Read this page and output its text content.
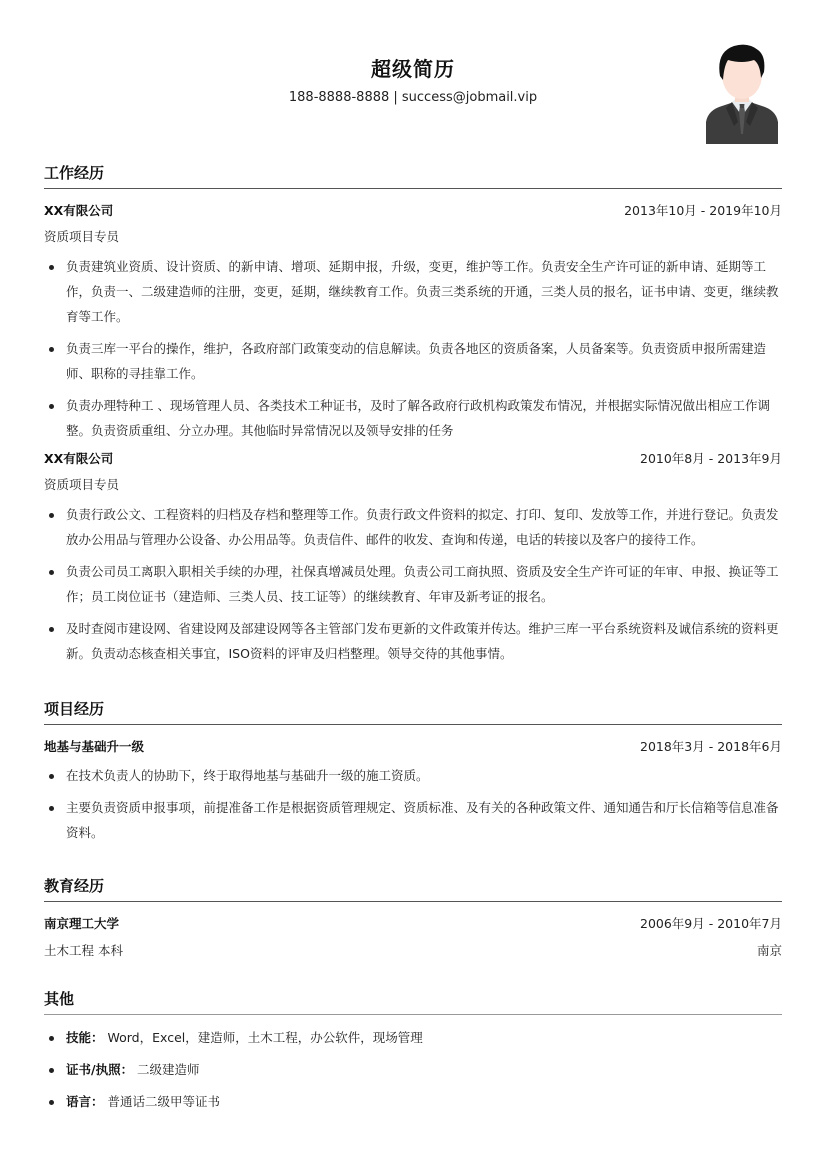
超级简历
188-8888-8888 | success@jobmail.vip
工作经历
XX有限公司	2013年10月 - 2019年10月
资质项目专员
负责建筑业资质、设计资质、的新申请、增项、延期申报，升级，变更，维护等工作。负责安全生产许可证的新申请、延期等工作，负责一、二级建造师的注册，变更，延期，继续教育工作。负责三类系统的开通，三类人员的报名，证书申请、变更，继续教育等工作。
负责三库一平台的操作，维护，各政府部门政策变动的信息解读。负责各地区的资质备案，人员备案等。负责资质申报所需建造师、职称的寻挂靠工作。
负责办理特种工 、现场管理人员、各类技术工种证书，及时了解各政府行政机构政策发布情况，并根据实际情况做出相应工作调整。负责资质重组、分立办理。其他临时异常情况以及领导安排的任务
XX有限公司	2010年8月 - 2013年9月
资质项目专员
负责行政公文、工程资料的归档及存档和整理等工作。负责行政文件资料的拟定、打印、复印、发放等工作，并进行登记。负责发放办公用品与管理办公设备、办公用品等。负责信件、邮件的收发、查询和传递，电话的转接以及客户的接待工作。
负责公司员工离职入职相关手续的办理，社保真增减员处理。负责公司工商执照、资质及安全生产许可证的年审、申报、换证等工作；员工岗位证书（建造师、三类人员、技工证等）的继续教育、年审及新考证的报名。
及时查阅市建设网、省建设网及部建设网等各主管部门发布更新的文件政策并传达。维护三库一平台系统资料及诚信系统的资料更新。负责动态核查相关事宜，ISO资料的评审及归档整理。领导交待的其他事情。
项目经历
地基与基础升一级	2018年3月 - 2018年6月
在技术负责人的协助下，终于取得地基与基础升一级的施工资质。
主要负责资质申报事项，前提准备工作是根据资质管理规定、资质标准、及有关的各种政策文件、通知通告和厅长信箱等信息准备资料。
教育经历
南京理工大学	2006年9月 - 2010年7月
土木工程 本科	南京
其他
技能： Word，Excel，建造师，土木工程，办公软件，现场管理
证书/执照： 二级建造师
语言： 普通话二级甲等证书
